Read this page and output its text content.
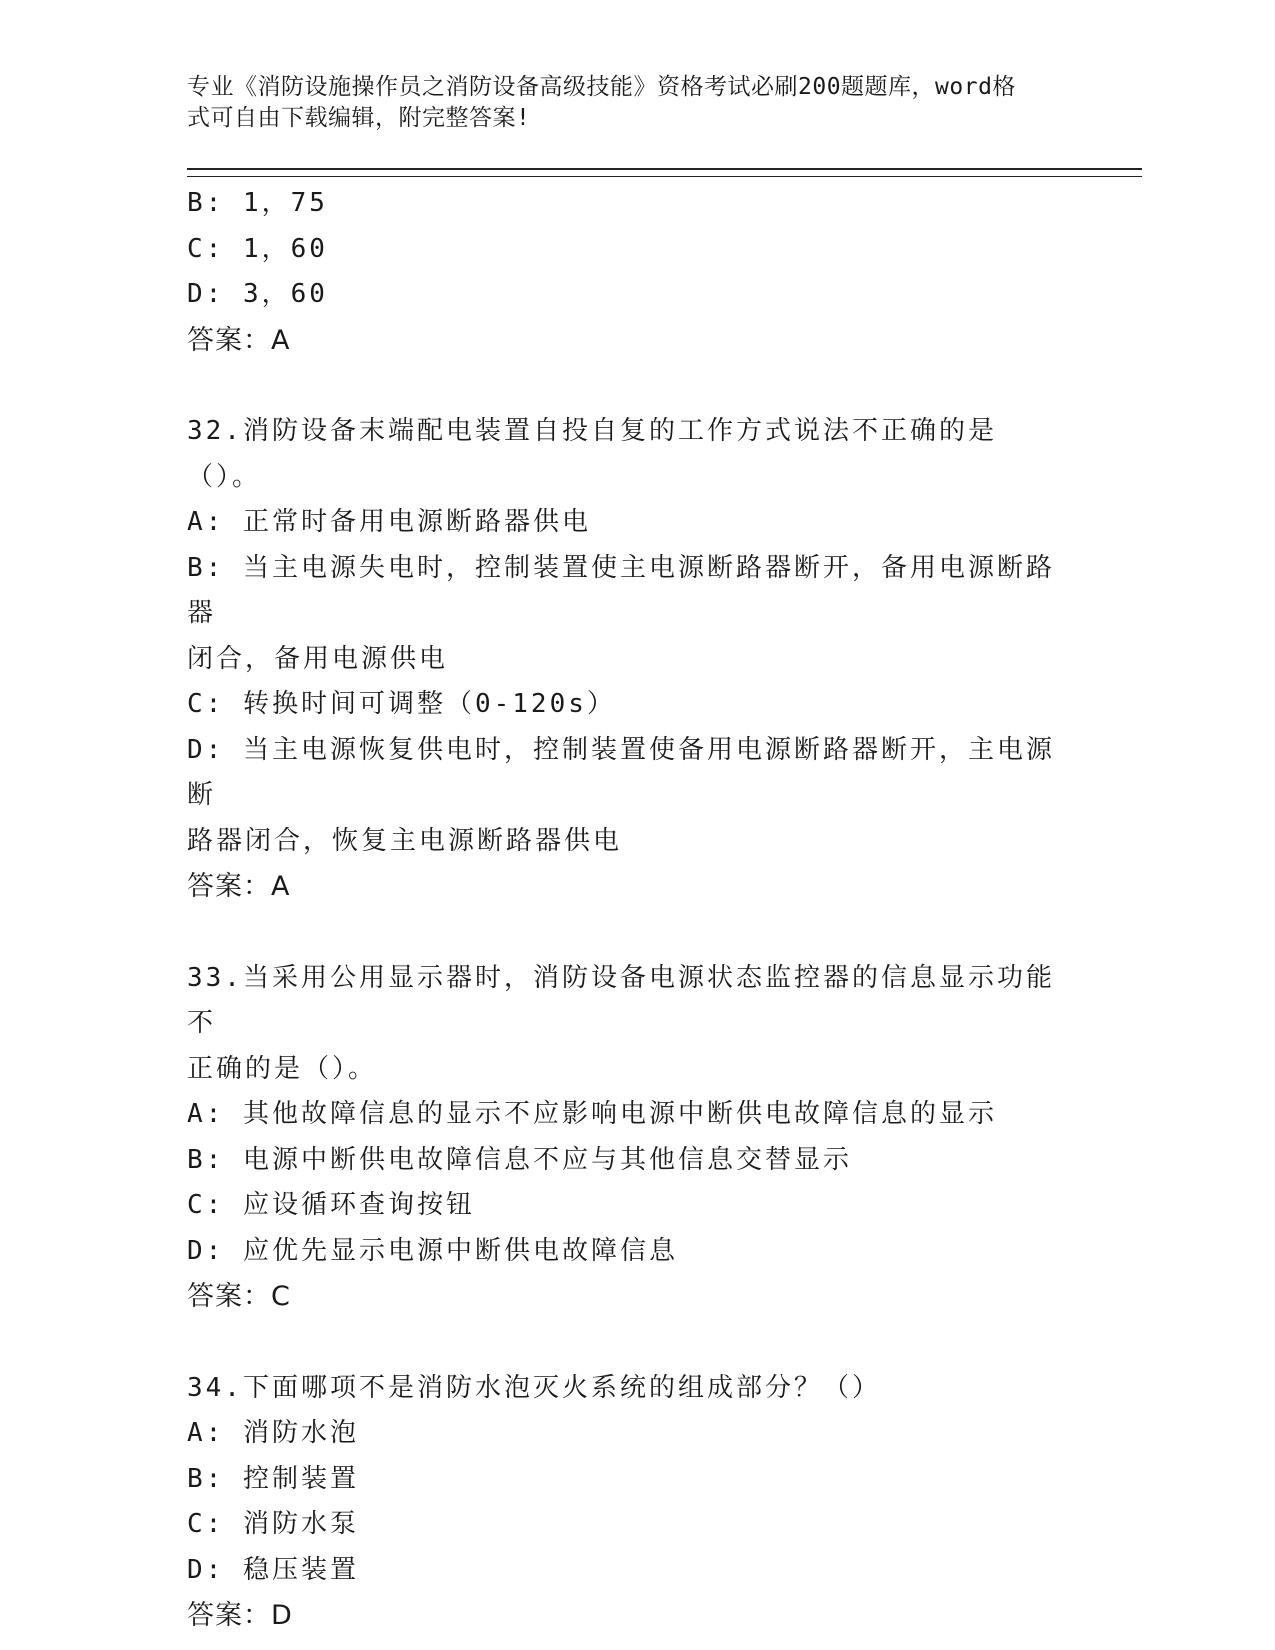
专业《消防设施操作员之消防设备高级技能》资格考试必刷200题题库，word格

式可自由下载编辑，附完整答案!

B: 1，75

C: 1，60

D: 3，60

答案：A

32.消防设备末端配电装置自投自复的工作方式说法不正确的是（）。

A: 正常时备用电源断路器供电

B: 当主电源失电时，控制装置使主电源断路器断开，备用电源断路器

闭合，备用电源供电

C: 转换时间可调整（0-120s）

D: 当主电源恢复供电时，控制装置使备用电源断路器断开，主电源断

路器闭合，恢复主电源断路器供电

答案：A

33.当采用公用显示器时，消防设备电源状态监控器的信息显示功能不

正确的是（）。

A: 其他故障信息的显示不应影响电源中断供电故障信息的显示

B: 电源中断供电故障信息不应与其他信息交替显示

C: 应设循环查询按钮

D: 应优先显示电源中断供电故障信息

答案：C

34.下面哪项不是消防水泡灭火系统的组成部分？（）

A: 消防水泡

B: 控制装置

C: 消防水泵

D: 稳压装置

答案：D
